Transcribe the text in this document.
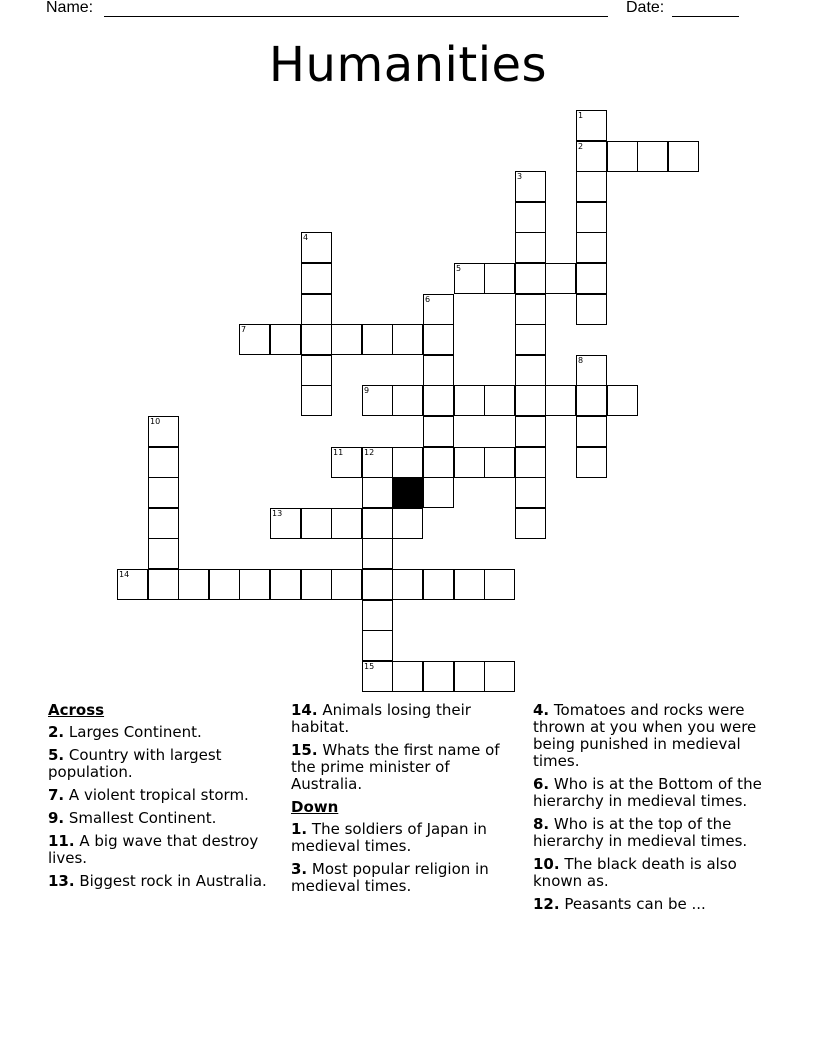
Name:	Date:
Humanities
1
2
3
4
5
6
7
8
9
10
11	12
15
13
14
Across
2. Larges Continent.
5. Country with largest population.
7. A violent tropical storm.
9. Smallest Continent.
11. A big wave that destroy lives.
13. Biggest rock in Australia.
14. Animals losing their habitat.
15. Whats the first name of the prime minister of Australia.
Down
1. The soldiers of Japan in medieval times.
3. Most popular religion in medieval times.
4. Tomatoes and rocks were thrown at you when you were being punished in medieval times.
6. Who is at the Bottom of the hierarchy in medieval times.
8. Who is at the top of the hierarchy in medieval times.
10. The black death is also known as.
12. Peasants can be ...
